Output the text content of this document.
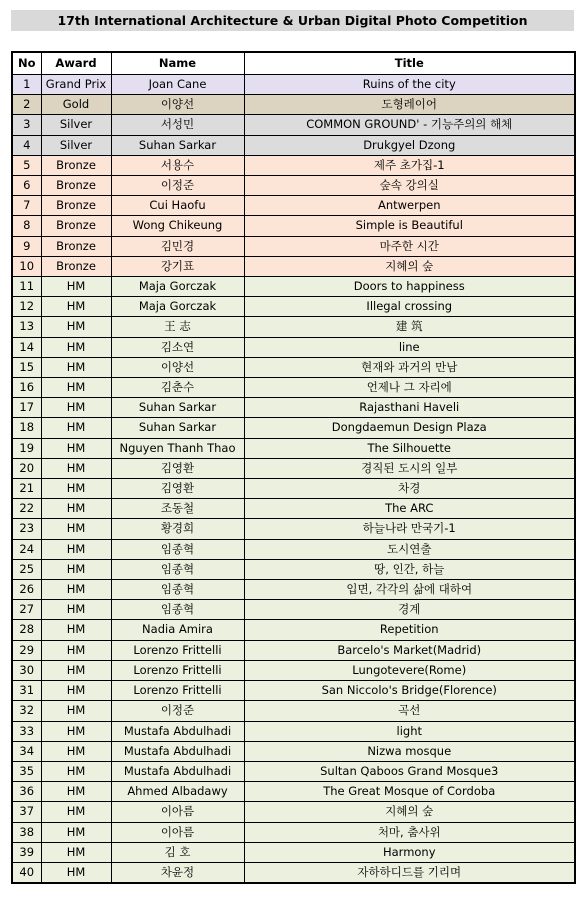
17th International Architecture & Urban Digital Photo Competition
No	Award	Name	Title
1	Grand Prix	Joan Cane	Ruins of the city
2	Gold	이양선	도형레이어
3	Silver	서성민	COMMON GROUND' - 기능주의의 해체
4	Silver	Suhan Sarkar	Drukgyel Dzong
5	Bronze	서용수	제주 초가집-1
6	Bronze	이정준	숲속 강의실
7	Bronze	Cui Haofu	Antwerpen
8	Bronze	Wong Chikeung	Simple is Beautiful
9	Bronze	김민경	마주한 시간
10	Bronze	강기표	지혜의 숲
11	HM	Maja Gorczak	Doors to happiness
12	HM	Maja Gorczak	Illegal crossing
13	HM	王 志	建 筑
14	HM	김소연	line
15	HM	이양선	현재와 과거의 만남
16	HM	김춘수	언제나 그 자리에
17	HM	Suhan Sarkar	Rajasthani Haveli
18	HM	Suhan Sarkar	Dongdaemun Design Plaza
19	HM	Nguyen Thanh Thao	The Silhouette
20	HM	김영환	경직된 도시의 일부
21	HM	김영환	차경
22	HM	조동철	The ARC
23	HM	황경희	하늘나라 만국기-1
24	HM	임종혁	도시연출
25	HM	임종혁	땅, 인간, 하늘
26	HM	임종혁	입면, 각각의 삶에 대하여
27	HM	임종혁	경계
28	HM	Nadia Amira	Repetition
29	HM	Lorenzo Frittelli	Barcelo's Market(Madrid)
30	HM	Lorenzo Frittelli	Lungotevere(Rome)
31	HM	Lorenzo Frittelli	San Niccolo's Bridge(Florence)
32	HM	이정준	곡선
33	HM	Mustafa Abdulhadi	light
34	HM	Mustafa Abdulhadi	Nizwa mosque
35	HM	Mustafa Abdulhadi	Sultan Qaboos Grand Mosque3
36	HM	Ahmed Albadawy	The Great Mosque of Cordoba
37	HM	이아름	지혜의 숲
38	HM	이아름	처마, 춤사위
39	HM	김 호	Harmony
40	HM	차윤정	자하하디드를 기리며
